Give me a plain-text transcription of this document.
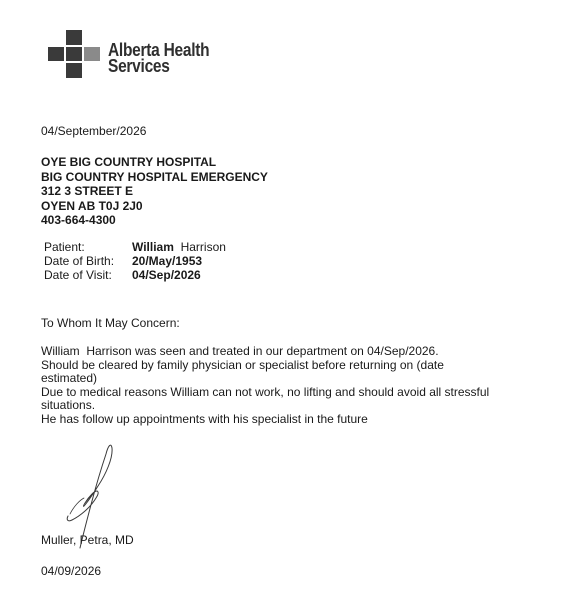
Alberta Health
Services
04/September/2026
OYE BIG COUNTRY HOSPITAL
BIG COUNTRY HOSPITAL EMERGENCY
312 3 STREET E
OYEN AB T0J 2J0
403-664-4300
Patient:	William Harrison
Date of Birth:	20/May/1953
Date of Visit:	04/Sep/2026
To Whom It May Concern:
William  Harrison was seen and treated in our department on 04/Sep/2026.
Should be cleared by family physician or specialist before returning on (date estimated)
Due to medical reasons William can not work, no lifting and should avoid all stressful situations.
He has follow up appointments with his specialist in the future
Muller, Petra, MD
04/09/2026
